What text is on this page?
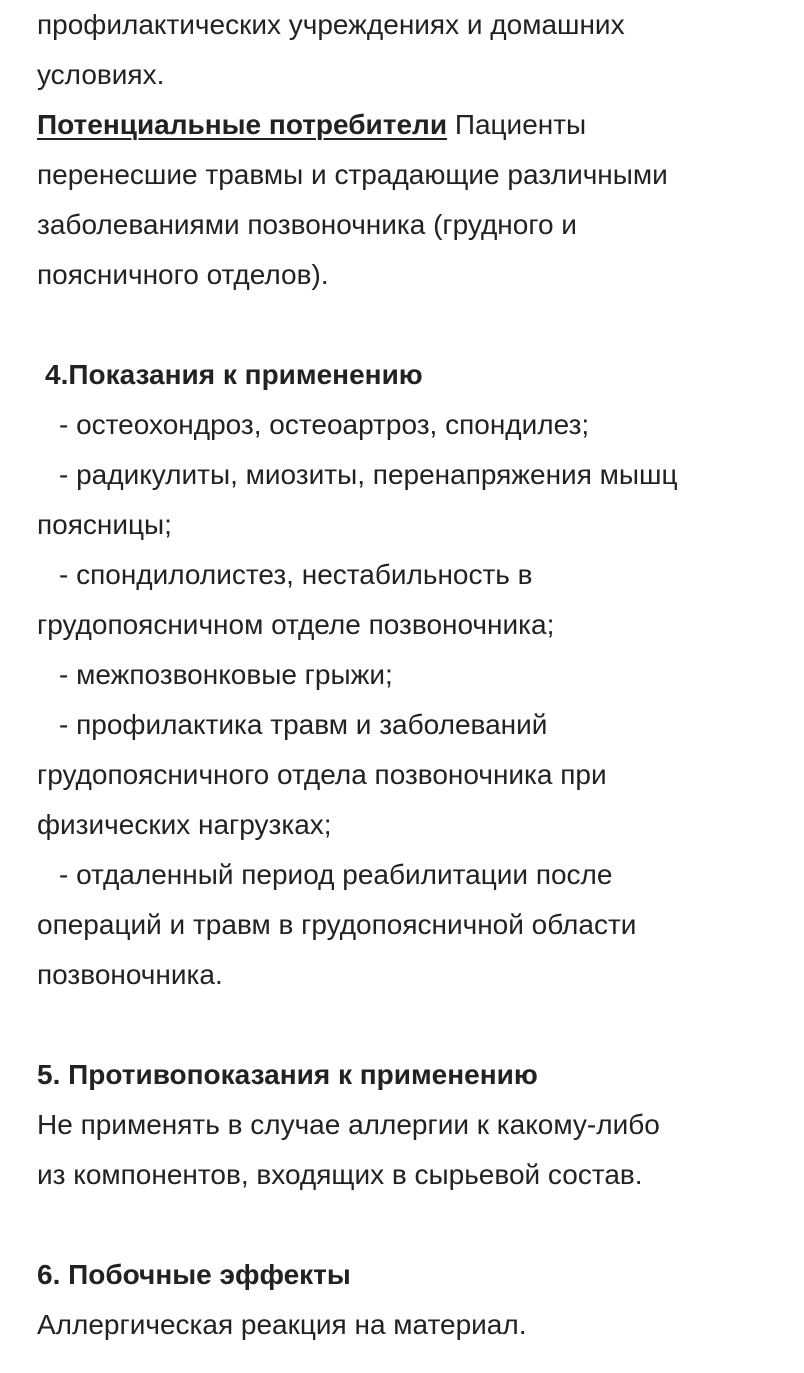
профилактических учреждениях и домашних
условиях.
Потенциальные потребители Пациенты
перенесшие травмы и страдающие различными
заболеваниями позвоночника (грудного и
поясничного отделов).
4.Показания к применению
- остеохондроз, остеоартроз, спондилез;
- радикулиты, миозиты, перенапряжения мышц
поясницы;
- спондилолистез, нестабильность в
грудопоясничном отделе позвоночника;
- межпозвонковые грыжи;
- профилактика травм и заболеваний
грудопоясничного отдела позвоночника при
физических нагрузках;
- отдаленный период реабилитации после
операций и травм в грудопоясничной области
позвоночника.
5. Противопоказания к применению
Не применять в случае аллергии к какому-либо
из компонентов, входящих в сырьевой состав.
6. Побочные эффекты
Аллергическая реакция на материал.
